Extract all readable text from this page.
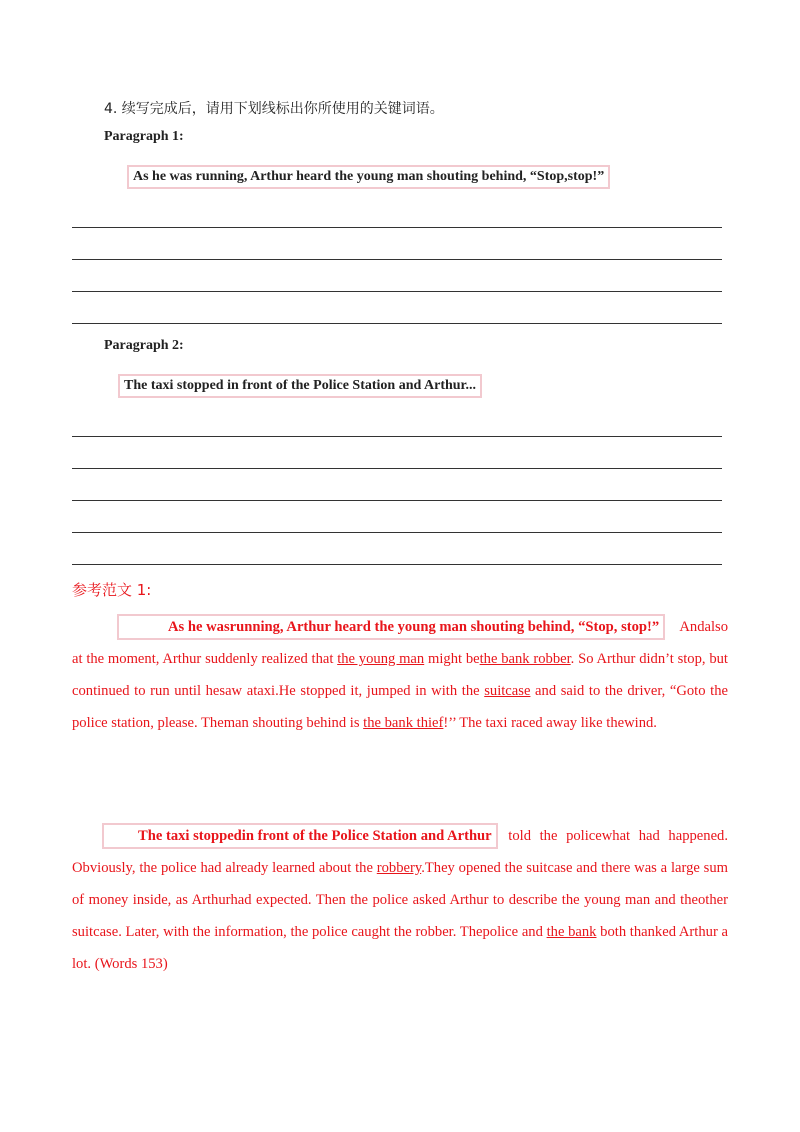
4. 续写完成后，请用下划线标出你所使用的关键词语。
Paragraph 1:
As he was running, Arthur heard the young man shouting behind, “Stop,stop!”
Paragraph 2:
The taxi stopped in front of the Police Station and Arthur...
参考范文 1:
As he wasrunning, Arthur heard the young man shouting behind, “Stop, stop!” Andalso at the moment, Arthur suddenly realized that the young man might bethe bank robber. So Arthur didn’t stop, but continued to run until hesaw ataxi.He stopped it, jumped in with the suitcase and said to the driver, “Goto the police station, please. Theman shouting behind is the bank thief!’’ The taxi raced away like thewind.
The taxi stoppedin front of the Police Station and Arthur told the policewhat had happened. Obviously, the police had already learned about the robbery.They opened the suitcase and there was a large sum of money inside, as Arthurhad expected. Then the police asked Arthur to describe the young man and theother suitcase. Later, with the information, the police caught the robber. Thepolice and the bank both thanked Arthur a lot. (Words 153)
